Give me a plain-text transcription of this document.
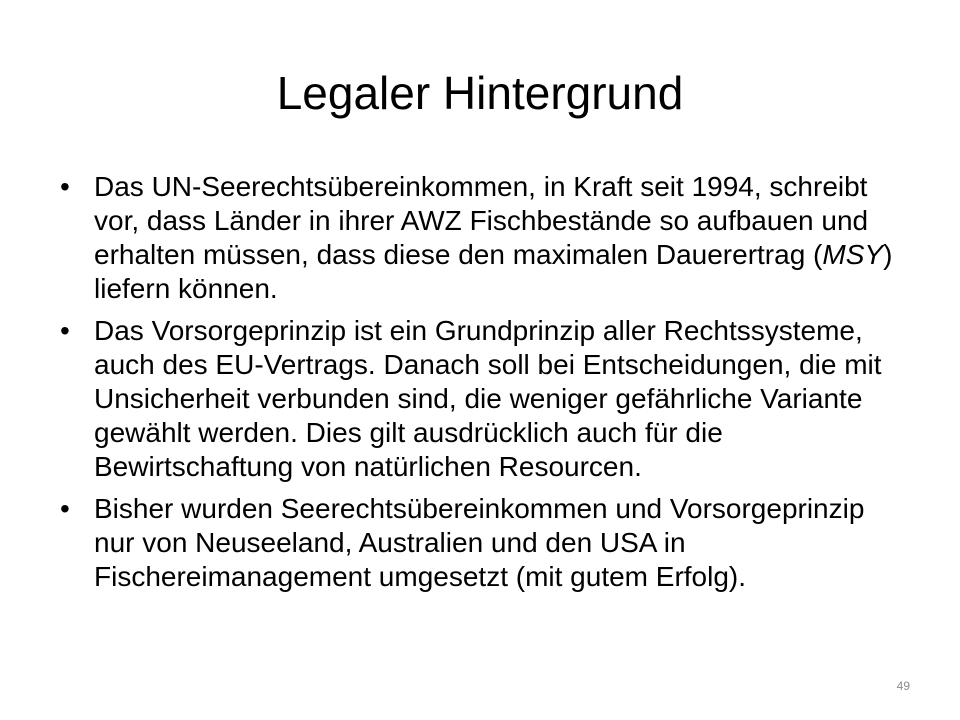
Legaler Hintergrund
• Das UN-Seerechtsübereinkommen, in Kraft seit 1994, schreibt vor, dass Länder in ihrer AWZ Fischbestände so aufbauen und erhalten müssen, dass diese den maximalen Dauerertrag (MSY) liefern können.
• Das Vorsorgeprinzip ist ein Grundprinzip aller Rechtssysteme, auch des EU-Vertrags. Danach soll bei Entscheidungen, die mit Unsicherheit verbunden sind, die weniger gefährliche Variante gewählt werden. Dies gilt ausdrücklich auch für die Bewirtschaftung von natürlichen Resourcen.
• Bisher wurden Seerechtsübereinkommen und Vorsorgeprinzip nur von Neuseeland, Australien und den USA in Fischereimanagement umgesetzt (mit gutem Erfolg).
49
